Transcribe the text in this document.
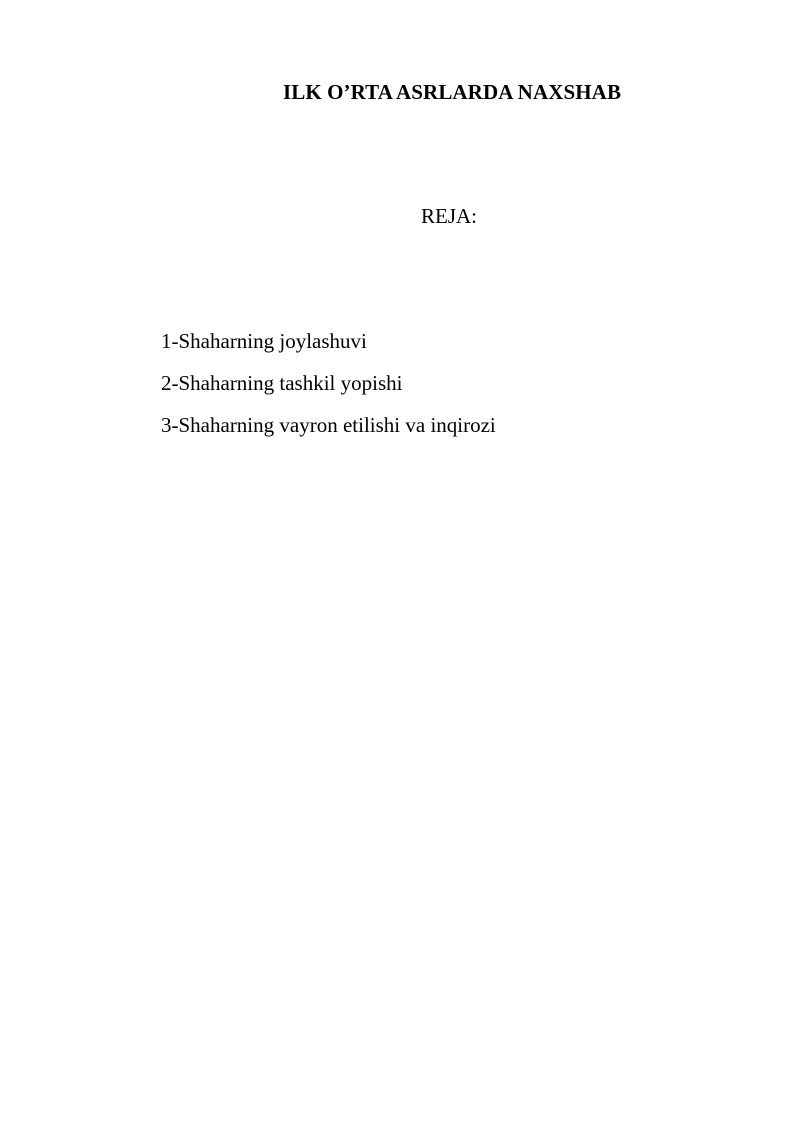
ILK O’RTA ASRLARDA NAXSHAB

REJA:

1-Shaharning joylashuvi
2-Shaharning tashkil yopishi
3-Shaharning vayron etilishi va inqirozi
